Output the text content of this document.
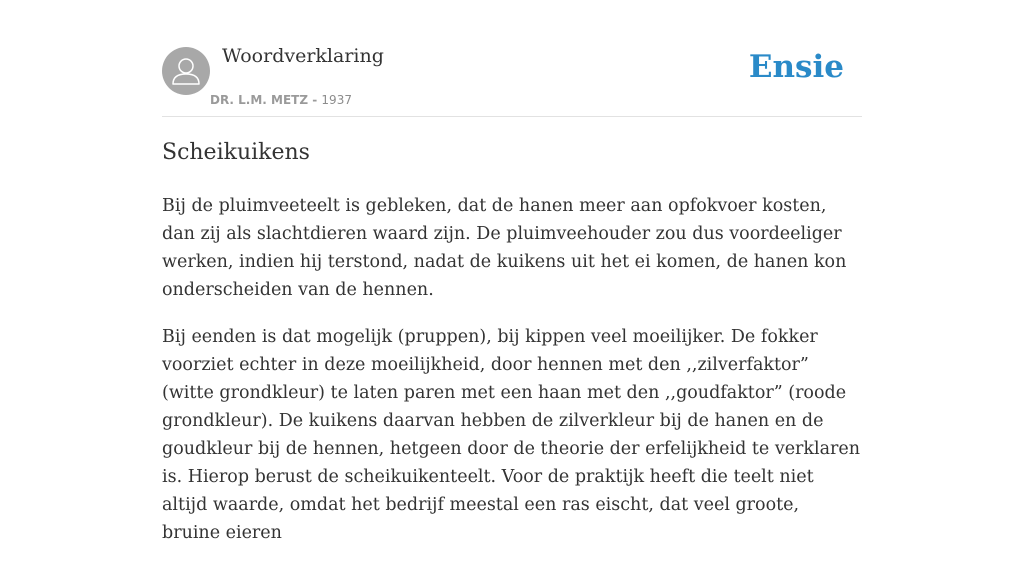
Woordverklaring
DR. L.M. METZ - 1937
Ensie
Scheikuikens

Bij de pluimveeteelt is gebleken, dat de hanen meer aan opfokvoer kosten, dan zij als slachtdieren waard zijn. De pluimveehouder zou dus voordeeliger werken, indien hij terstond, nadat de kuikens uit het ei komen, de hanen kon onderscheiden van de hennen.

Bij eenden is dat mogelijk (pruppen), bij kippen veel moeilijker. De fokker voorziet echter in deze moeilijkheid, door hennen met den ,,zilverfaktor” (witte grondkleur) te laten paren met een haan met den ,,goudfaktor” (roode grondkleur). De kuikens daarvan hebben de zilverkleur bij de hanen en de goudkleur bij de hennen, hetgeen door de theorie der erfelijkheid te verklaren is. Hierop berust de scheikuikenteelt. Voor de praktijk heeft die teelt niet altijd waarde, omdat het bedrijf meestal een ras eischt, dat veel groote, bruine eieren
